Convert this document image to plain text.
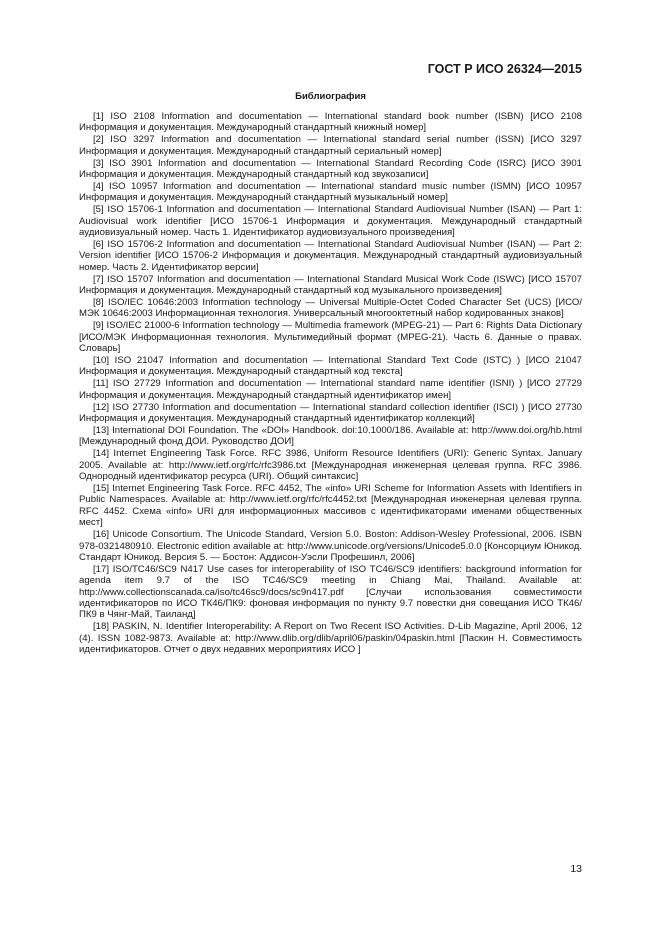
ГОСТ Р ИСО 26324—2015
Библиография

[1] ISO 2108 Information and documentation — International standard book number (ISBN) [ИСО 2108 Информация и документация. Международный стандартный книжный номер]

[2] ISO 3297 Information and documentation — International standard serial number (ISSN) [ИСО 3297 Информация и документация. Международный стандартный сериальный номер]

[3] ISO 3901 Information and documentation — International Standard Recording Code (ISRC) [ИСО 3901 Информация и документация. Международный стандартный код звукозаписи]

[4] ISO 10957 Information and documentation — International standard music number (ISMN) [ИСО 10957 Информация и документация. Международный стандартный музыкальный номер]

[5] ISO 15706-1 Information and documentation — International Standard Audiovisual Number (ISAN) — Part 1: Audiovisual work identifier [ИСО 15706-1 Информация и документация. Международный стандартный аудиовизуальный номер. Часть 1. Идентификатор аудиовизуального произведения]

[6] ISO 15706-2 Information and documentation — International Standard Audiovisual Number (ISAN) — Part 2: Version identifier [ИСО 15706-2 Информация и документация. Международный стандартный аудиовизуальный номер. Часть 2. Идентификатор версии]

[7] ISO 15707 Information and documentation — International Standard Musical Work Code (ISWC) [ИСО 15707 Информация и документация. Международный стандартный код музыкального произведения]

[8] ISO/IEC 10646:2003 Information technology — Universal Multiple-Octet Coded Character Set (UCS) [ИСО/МЭК 10646:2003 Информационная технология. Универсальный многооктетный набор кодированных знаков]

[9] ISO/IEC 21000-6 Information technology — Multimedia framework (MPEG-21) — Part 6: Rights Data Dictionary [ИСО/МЭК Информационная технология. Мультимедийный формат (MPEG-21). Часть 6. Данные о правах. Словарь]

[10] ISO 21047 Information and documentation — International Standard Text Code (ISTC) ) [ИСО 21047 Информация и документация. Международный стандартный код текста]

[11] ISO 27729 Information and documentation — International standard name identifier (ISNI) ) [ИСО 27729 Информация и документация. Международный стандартный идентификатор имен]

[12] ISO 27730 Information and documentation — International standard collection identifier (ISCI) ) [ИСО 27730 Информация и документация. Международный стандартный идентификатор коллекций]

[13] International DOI Foundation. The «DOI» Handbook. doi:10.1000/186. Available at: http://www.doi.org/hb.html [Международный фонд ДОИ. Руководство ДОИ]

[14] Internet Engineering Task Force. RFC 3986, Uniform Resource Identifiers (URI): Generic Syntax. January 2005. Available at: http://www.ietf.org/rfc/rfc3986.txt [Международная инженерная целевая группа. RFC 3986. Однородный идентификатор ресурса (URI). Общий синтаксис]

[15] Internet Engineering Task Force. RFC 4452, The «info» URI Scheme for Information Assets with Identifiers in Public Namespaces. Available at: http://www.ietf.org/rfc/rfc4452.txt [Международная инженерная целевая группа. RFC 4452. Схема «info» URI для информационных массивов с идентификаторами именами общественных мест]

[16] Unicode Consortium. The Unicode Standard, Version 5.0. Boston: Addison-Wesley Professional, 2006. ISBN 978-0321480910. Electronic edition available at: http://www.unicode.org/versions/Unicode5.0.0 [Консорциум Юникод. Стандарт Юникод. Версия 5. — Бостон: Аддисон-Уэсли Профешинл, 2006]

[17] ISO/TC46/SC9 N417 Use cases for interoperability of ISO TC46/SC9 identifiers: background information for agenda item 9.7 of the ISO TC46/SC9 meeting in Chiang Mai, Thailand. Available at: http://www.collectionscanada.ca/iso/tc46sc9/docs/sc9n417.pdf [Случаи использования совместимости идентификаторов по ИСО ТК46/ПК9: фоновая информация по пункту 9.7 повестки дня совещания ИСО ТК46/ПК9 в Чянг-Май, Таиланд]

[18] PASKIN, N. Identifier Interoperability: A Report on Two Recent ISO Activities. D-Lib Magazine, April 2006, 12 (4). ISSN 1082-9873. Available at: http://www.dlib.org/dlib/april06/paskin/04paskin.html [Паскин Н. Совместимость идентификаторов. Отчет о двух недавних мероприятиях ИСО ]

13
